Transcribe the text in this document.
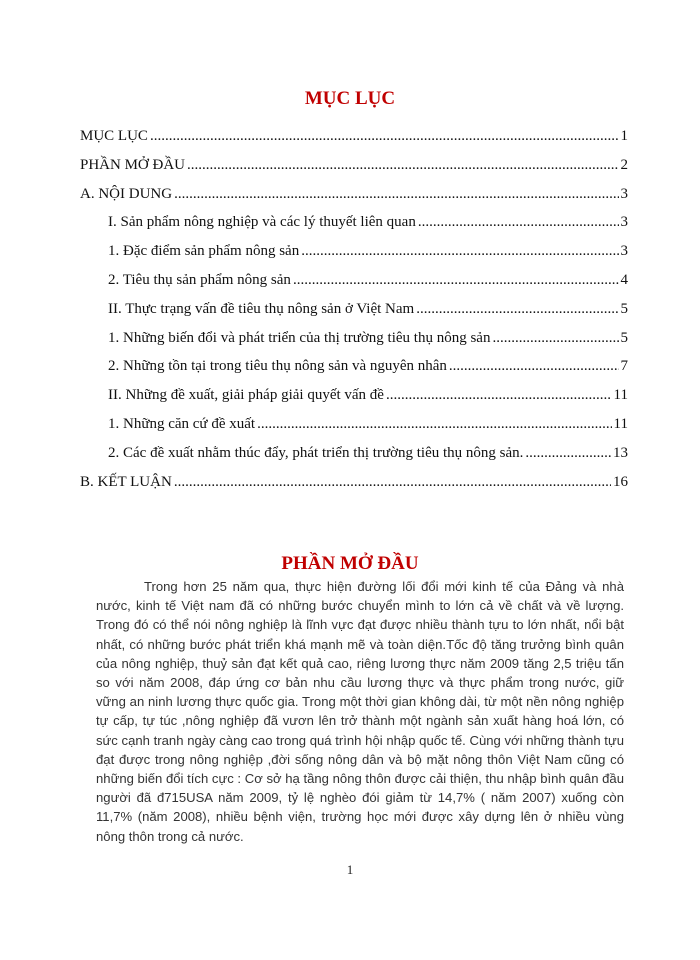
MỤC LỤC
MỤC LỤC .....	1
PHẦN MỞ ĐẦU .....	2
A. NỘI DUNG .....	3
I. Sản phẩm nông nghiệp và các lý thuyết liên quan .....	3
1. Đặc điểm sản phẩm nông sản .....	3
2. Tiêu thụ sản phẩm nông sản .....	4
II. Thực trạng vấn đề tiêu thụ nông sản ở Việt Nam .....	5
1. Những biến đổi và phát triển của thị trường tiêu thụ nông sản .....	5
2. Những tồn tại trong tiêu thụ nông sản và nguyên nhân .....	7
II. Những đề xuất, giải pháp giải quyết vấn đề .....	11
1. Những căn cứ đề xuất .....	11
2. Các đề xuất nhằm thúc đẩy, phát triển thị trường tiêu thụ nông sản. .....	13
B. KẾT LUẬN .....	16
PHẦN MỞ ĐẦU

Trong hơn 25 năm qua, thực hiện đường lối đổi mới kinh tế của Đảng và nhà nước, kinh tế Việt nam đã có những bước chuyển mình to lớn cả về chất và về lượng. Trong đó có thể nói nông nghiệp là lĩnh vực đạt được nhiều thành tựu to lớn nhất, nổi bật nhất, có những bước phát triển khá mạnh mẽ và toàn diện.Tốc độ tăng trưởng bình quân của nông nghiệp, thuỷ sản đạt kết quả cao, riêng lương thực năm 2009 tăng 2,5 triệu tấn so với năm 2008, đáp ứng cơ bản nhu cầu lương thực và thực phẩm trong nước, giữ vững an ninh lương thực quốc gia. Trong một thời gian không dài, từ một nền nông nghiệp tự cấp, tự túc ,nông nghiệp đã vươn lên trở thành một ngành sản xuất hàng hoá lớn, có sức cạnh tranh ngày càng cao trong quá trình hội nhập quốc tế. Cùng với những thành tựu đạt được trong nông nghiệp ,đời sống nông dân và bộ mặt nông thôn Việt Nam cũng có những biến đổi tích cực : Cơ sở hạ tầng nông thôn được cải thiện, thu nhập bình quân đầu người đã đ715USA năm 2009, tỷ lệ nghèo đói giảm từ 14,7% ( năm 2007) xuống còn 11,7% (năm 2008), nhiều bệnh viện, trường học mới được xây dựng lên ở nhiều vùng nông thôn trong cả nước.

1
